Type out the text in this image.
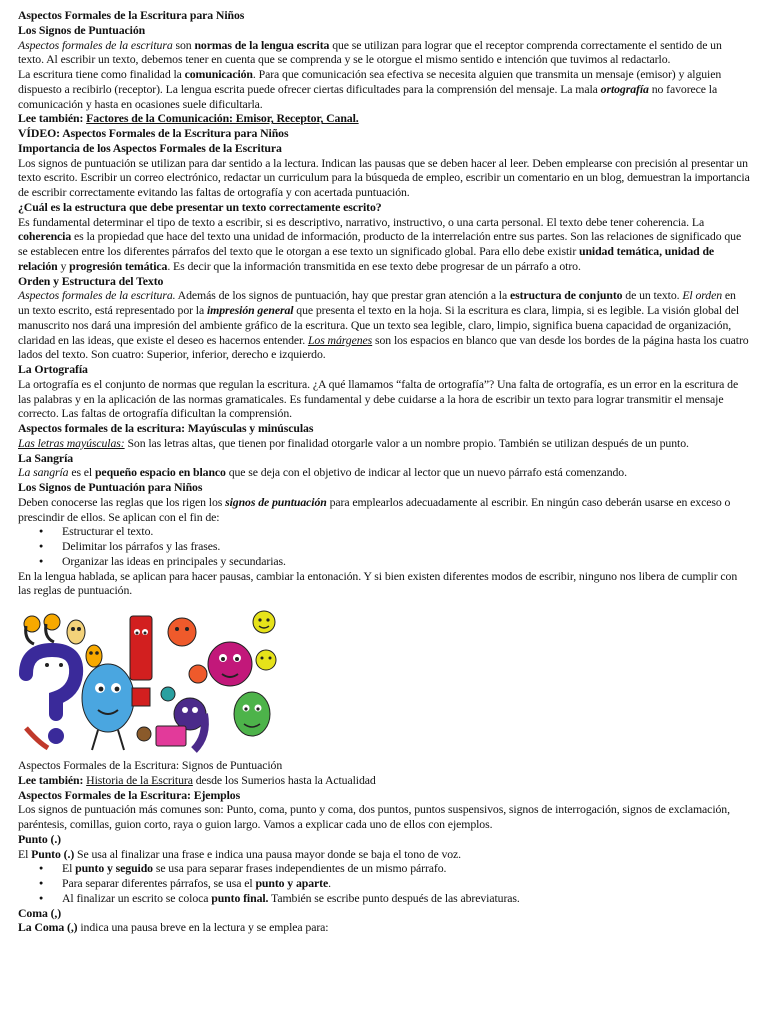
Aspectos Formales de la Escritura para Niños

Los Signos de Puntuación

Aspectos formales de la escritura son normas de la lengua escrita que se utilizan para lograr que el receptor comprenda correctamente el sentido de un texto. Al escribir un texto, debemos tener en cuenta que se comprenda y se le otorgue el mismo sentido e intención que tuvimos al redactarlo.

La escritura tiene como finalidad la comunicación. Para que comunicación sea efectiva se necesita alguien que transmita un mensaje (emisor) y alguien dispuesto a recibirlo (receptor). La lengua escrita puede ofrecer ciertas dificultades para la comprensión del mensaje. La mala ortografía no favorece la comunicación y hasta en ocasiones suele dificultarla.

Lee también: Factores de la Comunicación: Emisor, Receptor, Canal.

VÍDEO: Aspectos Formales de la Escritura para Niños

Importancia de los Aspectos Formales de la Escritura

Los signos de puntuación se utilizan para dar sentido a la lectura. Indican las pausas que se deben hacer al leer. Deben emplearse con precisión al presentar un texto escrito. Escribir un correo electrónico, redactar un curriculum para la búsqueda de empleo, escribir un comentario en un blog, demuestran la importancia de escribir correctamente evitando las faltas de ortografía y con acertada puntuación.

¿Cuál es la estructura que debe presentar un texto correctamente escrito?

Es fundamental determinar el tipo de texto a escribir, si es descriptivo, narrativo, instructivo, o una carta personal. El texto debe tener coherencia. La coherencia es la propiedad que hace del texto una unidad de información, producto de la interrelación entre sus partes. Son las relaciones de significado que se establecen entre los diferentes párrafos del texto que le otorgan a ese texto un significado global. Para ello debe existir unidad temática, unidad de relación y progresión temática. Es decir que la información transmitida en ese texto debe progresar de un párrafo a otro.

Orden y Estructura del Texto

Aspectos formales de la escritura. Además de los signos de puntuación, hay que prestar gran atención a la estructura de conjunto de un texto. El orden en un texto escrito, está representado por la impresión general que presenta el texto en la hoja. Si la escritura es clara, limpia, si es legible. La visión global del manuscrito nos dará una impresión del ambiente gráfico de la escritura. Que un texto sea legible, claro, limpio, significa buena capacidad de organización, claridad en las ideas, que existe el deseo es hacernos entender. Los márgenes son los espacios en blanco que van desde los bordes de la página hasta los cuatro lados del texto. Son cuatro: Superior, inferior, derecho e izquierdo.

La Ortografía

La ortografía es el conjunto de normas que regulan la escritura. ¿A qué llamamos “falta de ortografía”? Una falta de ortografía, es un error en la escritura de las palabras y en la aplicación de las normas gramaticales. Es fundamental y debe cuidarse a la hora de escribir un texto para lograr transmitir el mensaje correcto. Las faltas de ortografía dificultan la comprensión.

Aspectos formales de la escritura: Mayúsculas y minúsculas

Las letras mayúsculas: Son las letras altas, que tienen por finalidad otorgarle valor a un nombre propio. También se utilizan después de un punto.

La Sangría

La sangría es el pequeño espacio en blanco que se deja con el objetivo de indicar al lector que un nuevo párrafo está comenzando.

Los Signos de Puntuación para Niños

Deben conocerse las reglas que los rigen los signos de puntuación para emplearlos adecuadamente al escribir. En ningún caso deberán usarse en exceso o prescindir de ellos. Se aplican con el fin de:

● Estructurar el texto.
● Delimitar los párrafos y las frases.
● Organizar las ideas en principales y secundarias.

En la lengua hablada, se aplican para hacer pausas, cambiar la entonación. Y si bien existen diferentes modos de escribir, ninguno nos libera de cumplir con las reglas de puntuación.

Aspectos Formales de la Escritura: Signos de Puntuación

Lee también: Historia de la Escritura desde los Sumerios hasta la Actualidad

Aspectos Formales de la Escritura: Ejemplos

Los signos de puntuación más comunes son: Punto, coma, punto y coma, dos puntos, puntos suspensivos, signos de interrogación, signos de exclamación, paréntesis, comillas, guion corto, raya o guion largo. Vamos a explicar cada uno de ellos con ejemplos.

Punto (.)

El Punto (.) Se usa al finalizar una frase e indica una pausa mayor donde se baja el tono de voz.

● El punto y seguido se usa para separar frases independientes de un mismo párrafo.
● Para separar diferentes párrafos, se usa el punto y aparte.
● Al finalizar un escrito se coloca punto final. También se escribe punto después de las abreviaturas.

Coma (,)

La Coma (,) indica una pausa breve en la lectura y se emplea para:
